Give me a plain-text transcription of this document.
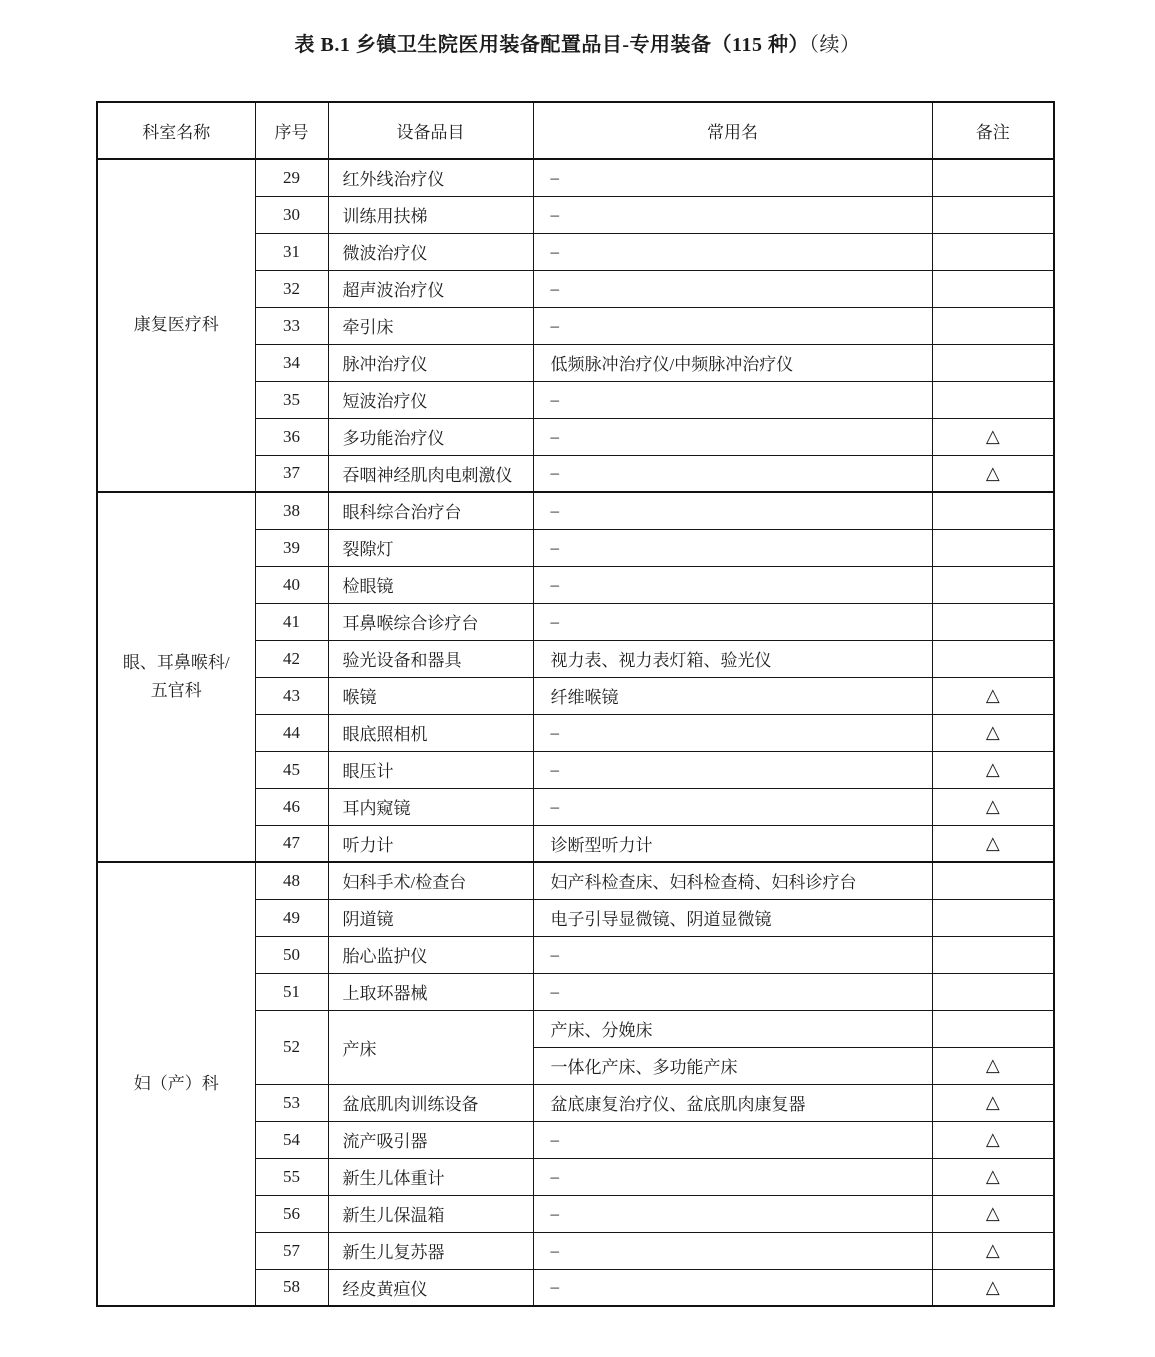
表 B.1 乡镇卫生院医用装备配置品目-专用装备（115 种）（续）
科室名称	序号	设备品目	常用名	备注
康复医疗科	29	红外线治疗仪	–	
	30	训练用扶梯	–	
	31	微波治疗仪	–	
	32	超声波治疗仪	–	
	33	牵引床	–	
	34	脉冲治疗仪	低频脉冲治疗仪/中频脉冲治疗仪	
	35	短波治疗仪	–	
	36	多功能治疗仪	–	△
	37	吞咽神经肌肉电刺激仪	–	△
眼、耳鼻喉科/
五官科	38	眼科综合治疗台	–	
	39	裂隙灯	–	
	40	检眼镜	–	
	41	耳鼻喉综合诊疗台	–	
	42	验光设备和器具	视力表、视力表灯箱、验光仪	
	43	喉镜	纤维喉镜	△
	44	眼底照相机	–	△
	45	眼压计	–	△
	46	耳内窥镜	–	△
	47	听力计	诊断型听力计	△
妇（产）科	48	妇科手术/检查台	妇产科检查床、妇科检查椅、妇科诊疗台	
	49	阴道镜	电子引导显微镜、阴道显微镜	
	50	胎心监护仪	–	
	51	上取环器械	–	
	52	产床	产床、分娩床	
			一体化产床、多功能产床	△
	53	盆底肌肉训练设备	盆底康复治疗仪、盆底肌肉康复器	△
	54	流产吸引器	–	△
	55	新生儿体重计	–	△
	56	新生儿保温箱	–	△
	57	新生儿复苏器	–	△
	58	经皮黄疸仪	–	△
